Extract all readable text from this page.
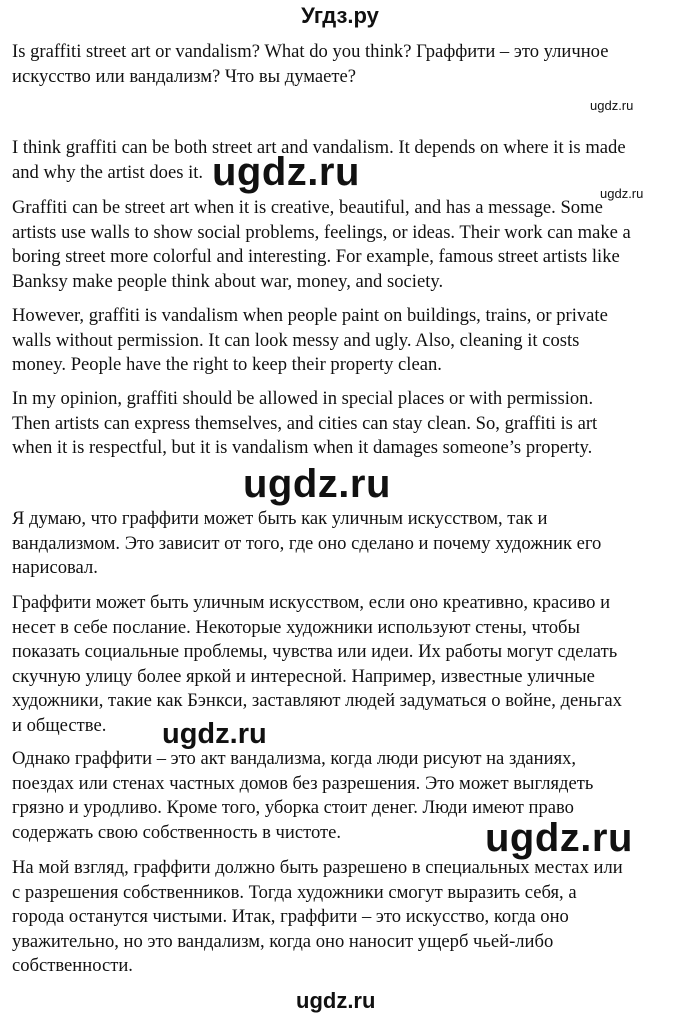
Угдз.ру

Is graffiti street art or vandalism? What do you think? Граффити – это уличное
искусство или вандализм? Что вы думаете?

ugdz.ru

I think graffiti can be both street art and vandalism. It depends on where it is made
and why the artist does it. ugdz.ru	ugdz.ru

Graffiti can be street art when it is creative, beautiful, and has a message. Some
artists use walls to show social problems, feelings, or ideas. Their work can make a
boring street more colorful and interesting. For example, famous street artists like
Banksy make people think about war, money, and society.

However, graffiti is vandalism when people paint on buildings, trains, or private
walls without permission. It can look messy and ugly. Also, cleaning it costs
money. People have the right to keep their property clean.

In my opinion, graffiti should be allowed in special places or with permission.
Then artists can express themselves, and cities can stay clean. So, graffiti is art
when it is respectful, but it is vandalism when it damages someone’s property.

ugdz.ru

Я думаю, что граффити может быть как уличным искусством, так и
вандализмом. Это зависит от того, где оно сделано и почему художник его
нарисовал.

Граффити может быть уличным искусством, если оно креативно, красиво и
несет в себе послание. Некоторые художники используют стены, чтобы
показать социальные проблемы, чувства или идеи. Их работы могут сделать
скучную улицу более яркой и интересной. Например, известные уличные
художники, такие как Бэнкси, заставляют людей задуматься о войне, деньгах
и обществе.	ugdz.ru

Однако граффити – это акт вандализма, когда люди рисуют на зданиях,
поездах или стенах частных домов без разрешения. Это может выглядеть
грязно и уродливо. Кроме того, уборка стоит денег. Люди имеют право
содержать свою собственность в чистоте.	ugdz.ru

На мой взгляд, граффити должно быть разрешено в специальных местах или
с разрешения собственников. Тогда художники смогут выразить себя, а
города останутся чистыми. Итак, граффити – это искусство, когда оно
уважительно, но это вандализм, когда оно наносит ущерб чьей-либо
собственности.

ugdz.ru
